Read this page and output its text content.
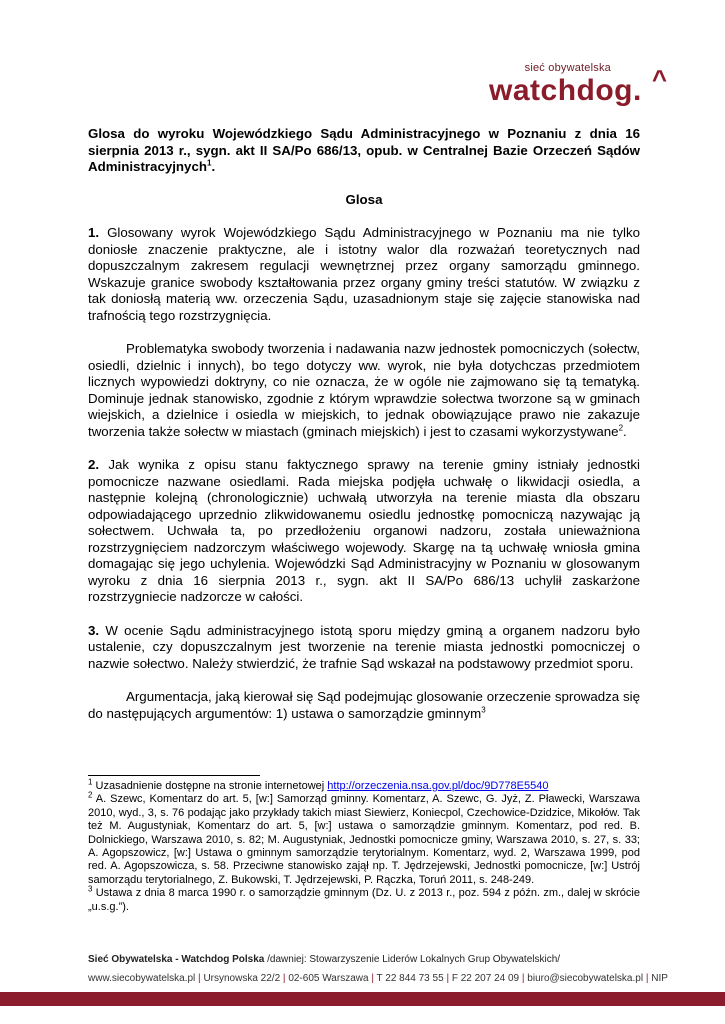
sieć obywatelska
watchdog. ^
Glosa do wyroku Wojewódzkiego Sądu Administracyjnego w Poznaniu z dnia 16 sierpnia 2013 r., sygn. akt II SA/Po 686/13, opub. w Centralnej Bazie Orzeczeń Sądów Administracyjnych$^1$.
Glosa

1. Glosowany wyrok Wojewódzkiego Sądu Administracyjnego w Poznaniu ma nie tylko doniosłe znaczenie praktyczne, ale i istotny walor dla rozważań teoretycznych nad dopuszczalnym zakresem regulacji wewnętrznej przez organy samorządu gminnego. Wskazuje granice swobody kształtowania przez organy gminy treści statutów. W związku z tak doniosłą materią ww. orzeczenia Sądu, uzasadnionym staje się zajęcie stanowiska nad trafnością tego rozstrzygnięcia.

Problematyka swobody tworzenia i nadawania nazw jednostek pomocniczych (sołectw, osiedli, dzielnic i innych), bo tego dotyczy ww. wyrok, nie była dotychczas przedmiotem licznych wypowiedzi doktryny, co nie oznacza, że w ogóle nie zajmowano się tą tematyką. Dominuje jednak stanowisko, zgodnie z którym wprawdzie sołectwa tworzone są w gminach wiejskich, a dzielnice i osiedla w miejskich, to jednak obowiązujące prawo nie zakazuje tworzenia także sołectw w miastach (gminach miejskich) i jest to czasami wykorzystywane$^2$.

2. Jak wynika z opisu stanu faktycznego sprawy na terenie gminy istniały jednostki pomocnicze nazwane osiedlami. Rada miejska podjęła uchwałę o likwidacji osiedla, a następnie kolejną (chronologicznie) uchwałą utworzyła na terenie miasta dla obszaru odpowiadającego uprzednio zlikwidowanemu osiedlu jednostkę pomocniczą nazywając ją sołectwem. Uchwała ta, po przedłożeniu organowi nadzoru, została unieważniona rozstrzygnięciem nadzorczym właściwego wojewody. Skargę na tą uchwałę wniosła gmina domagając się jego uchylenia. Wojewódzki Sąd Administracyjny w Poznaniu w glosowanym wyroku z dnia 16 sierpnia 2013 r., sygn. akt II SA/Po 686/13 uchylił zaskarżone rozstrzygniecie nadzorcze w całości.

3. W ocenie Sądu administracyjnego istotą sporu między gminą a organem nadzoru było ustalenie, czy dopuszczalnym jest tworzenie na terenie miasta jednostki pomocniczej o nazwie sołectwo. Należy stwierdzić, że trafnie Sąd wskazał na podstawowy przedmiot sporu.

Argumentacja, jaką kierował się Sąd podejmując glosowanie orzeczenie sprowadza się do następujących argumentów: 1) ustawa o samorządzie gminnym$^3$

$^1$ Uzasadnienie dostępne na stronie internetowej http://orzeczenia.nsa.gov.pl/doc/9D778E5540

$^2$ A. Szewc, Komentarz do art. 5, [w:] Samorząd gminny. Komentarz, A. Szewc, G. Jyż, Z. Pławecki, Warszawa 2010, wyd., 3, s. 76 podając jako przykłady takich miast Siewierz, Koniecpol, Czechowice-Dzidzice, Mikołów. Tak też M. Augustyniak, Komentarz do art. 5, [w:] ustawa o samorządzie gminnym. Komentarz, pod red. B. Dolnickiego, Warszawa 2010, s. 82; M. Augustyniak, Jednostki pomocnicze gminy, Warszawa 2010, s. 27, s. 33; A. Agopszowicz, [w:] Ustawa o gminnym samorządzie terytorialnym. Komentarz, wyd. 2, Warszawa 1999, pod red. A. Agopszowicza, s. 58. Przeciwne stanowisko zajął np. T. Jędrzejewski, Jednostki pomocnicze, [w:] Ustrój samorządu terytorialnego, Z. Bukowski, T. Jędrzejewski, P. Rączka, Toruń 2011, s. 248-249.

$^3$ Ustawa z dnia 8 marca 1990 r. o samorządzie gminnym (Dz. U. z 2013 r., poz. 594 z późn. zm., dalej w skrócie „u.s.g.”).

Sieć Obywatelska - Watchdog Polska /dawniej: Stowarzyszenie Liderów Lokalnych Grup Obywatelskich/
www.siecobywatelska.pl | Ursynowska 22/2 | 02-605 Warszawa | T 22 844 73 55 | F 22 207 24 09 | biuro@siecobywatelska.pl | NIP
